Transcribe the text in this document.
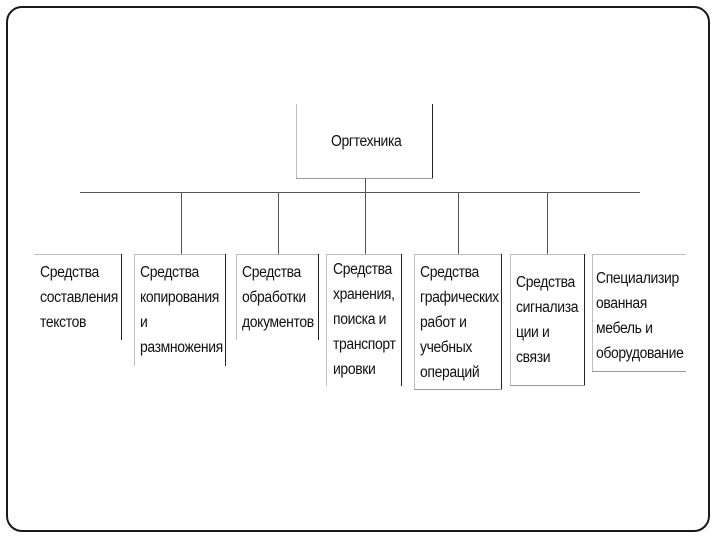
Оргтехника
Средства
составления
текстов
Средства
копирования
и
размножения
Средства
обработки
документов
Средства
хранения,
поиска и
транспорт
ировки
Средства
графических
работ и
учебных
операций
Средства
сигнализа
ции и
связи
Специализир
ованная
мебель и
оборудование
